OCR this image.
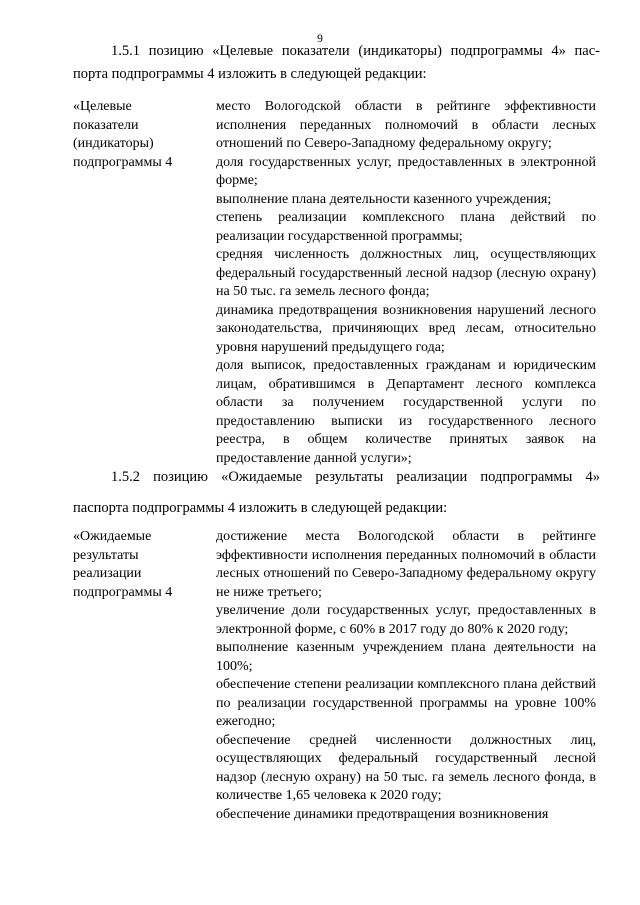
9
1.5.1 позицию «Целевые показатели (индикаторы) подпрограммы 4» пас-
порта подпрограммы 4 изложить в следующей редакции:
«Целевые
показатели
(индикаторы)
подпрограммы 4
место Вологодской области в рейтинге эффективности исполнения переданных полномочий в области лесных отношений по Северо-Западному федеральному округу;
доля государственных услуг, предоставленных в электронной форме;
выполнение плана деятельности казенного учреждения;
степень реализации комплексного плана действий по реализации государственной программы;
средняя численность должностных лиц, осуществляющих федеральный государственный лесной надзор (лесную охрану) на 50 тыс. га земель лесного фонда;
динамика предотвращения возникновения нарушений лесного законодательства, причиняющих вред лесам, относительно уровня нарушений предыдущего года;
доля выписок, предоставленных гражданам и юридическим лицам, обратившимся в Департамент лесного комплекса области за получением государственной услуги по предоставлению выписки из государственного лесного реестра, в общем количестве принятых заявок на предоставление данной услуги»;
1.5.2 позицию «Ожидаемые результаты реализации подпрограммы 4»
паспорта подпрограммы 4 изложить в следующей редакции:
«Ожидаемые
результаты
реализации
подпрограммы 4
достижение места Вологодской области в рейтинге эффективности исполнения переданных полномочий в области лесных отношений по Северо-Западному федеральному округу не ниже третьего;
увеличение доли государственных услуг, предоставленных в электронной форме, с 60% в 2017 году до 80% к 2020 году;
выполнение казенным учреждением плана деятельности на 100%;
обеспечение степени реализации комплексного плана действий по реализации государственной программы на уровне 100% ежегодно;
обеспечение средней численности должностных лиц, осуществляющих федеральный государственный лесной надзор (лесную охрану) на 50 тыс. га земель лесного фонда, в количестве 1,65 человека к 2020 году;
обеспечение динамики предотвращения возникновения
